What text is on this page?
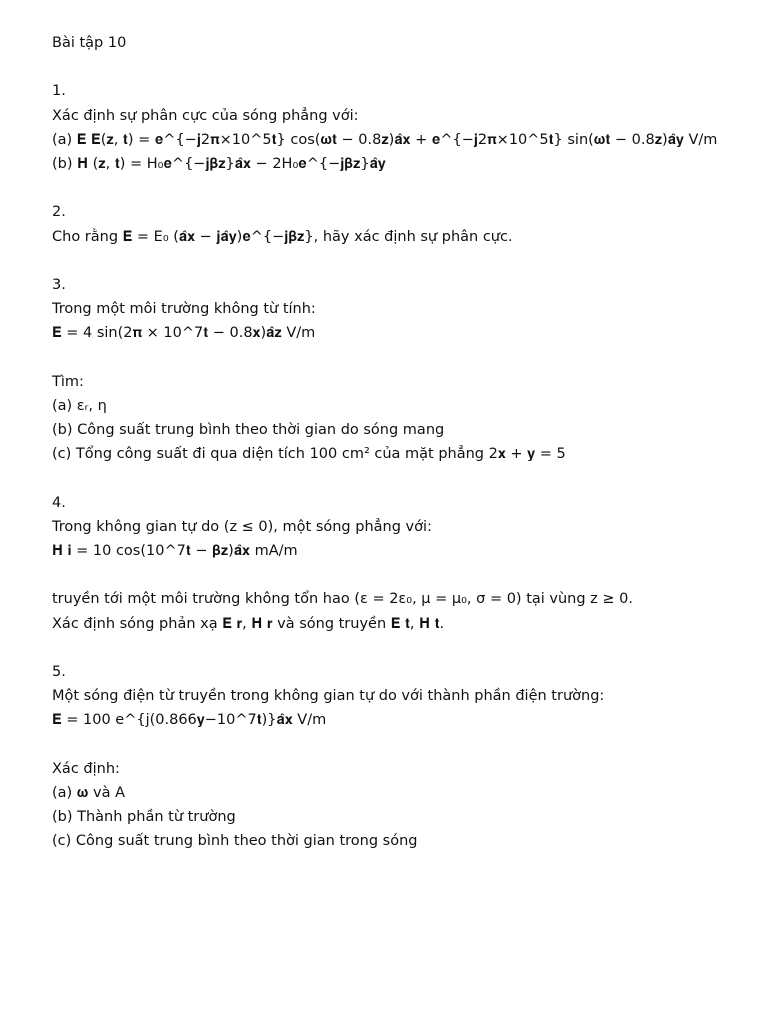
Bài tập 10
1.
Xác định sự phân cực của sóng phẳng với:
(a) 𝐄 𝐄(𝐳, 𝐭) = 𝐞^{−𝐣2𝛑×10^5𝐭} cos(𝛚𝐭 − 0.8𝐳)𝐚̂𝐱 + 𝐞^{−𝐣2𝛑×10^5𝐭} sin(𝛚𝐭 − 0.8𝐳)𝐚̂𝐲 V/m
(b) 𝐇 (𝐳, 𝐭) = H₀𝐞^{−𝐣𝛃𝐳}𝐚̂𝐱 − 2H₀𝐞^{−𝐣𝛃𝐳}𝐚̂𝐲
2.
Cho rằng 𝐄 = E₀ (𝐚̂𝐱 − 𝐣𝐚̂𝐲)𝐞^{−𝐣𝛃𝐳}, hãy xác định sự phân cực.
3.
Trong một môi trường không từ tính:
𝐄 = 4 sin(2𝛑 × 10^7𝐭 − 0.8𝐱)𝐚̂𝐳 V/m
Tìm:
(a) εᵣ, η
(b) Công suất trung bình theo thời gian do sóng mang
(c) Tổng công suất đi qua diện tích 100 cm² của mặt phẳng 2𝐱 + 𝐲 = 5
4.
Trong không gian tự do (z ≤ 0), một sóng phẳng với:
𝐇 𝐢 = 10 cos(10^7𝐭 − 𝛃𝐳)𝐚̂𝐱 mA/m
truyền tới một môi trường không tổn hao (ε = 2ε₀, μ = μ₀, σ = 0) tại vùng z ≥ 0.
Xác định sóng phản xạ 𝐄 𝐫, 𝐇 𝐫 và sóng truyền 𝐄 𝐭, 𝐇 𝐭.
5.
Một sóng điện từ truyền trong không gian tự do với thành phần điện trường:
𝐄 = 100 e^{j(0.866𝐲−10^7𝐭)}𝐚̂𝐱 V/m
Xác định:
(a) 𝛚 và A
(b) Thành phần từ trường
(c) Công suất trung bình theo thời gian trong sóng
